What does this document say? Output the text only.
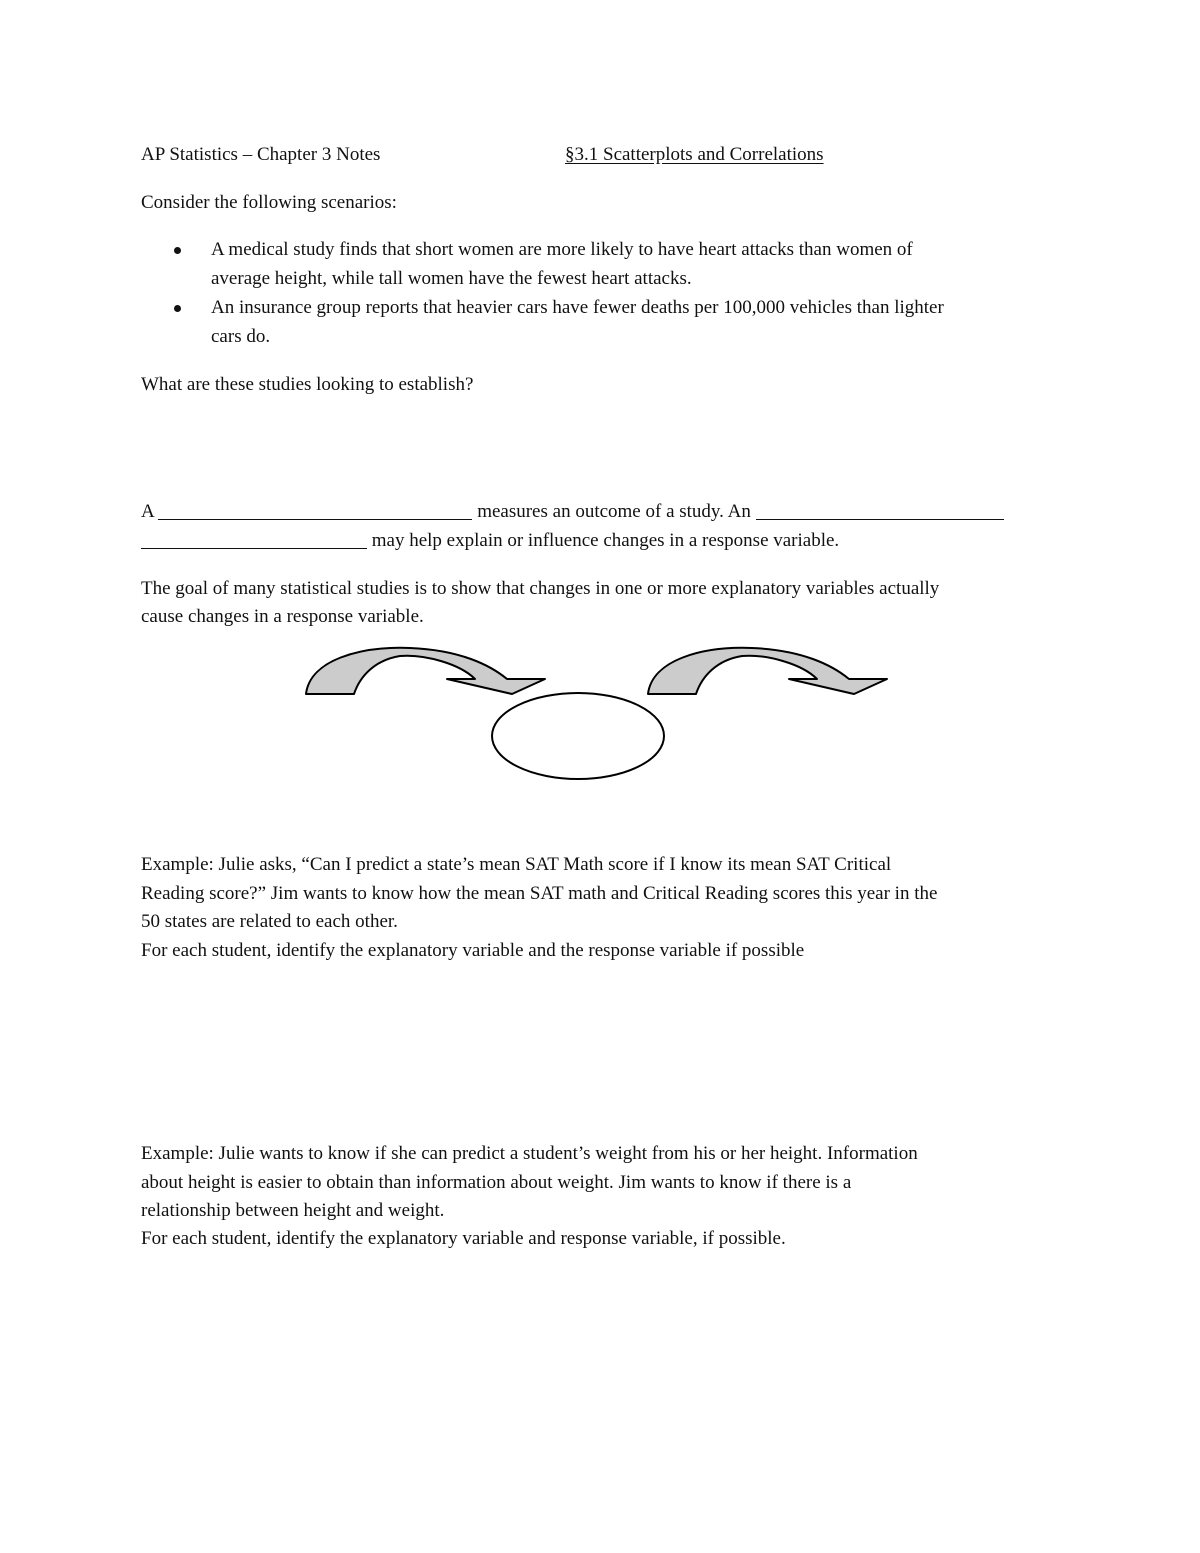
AP Statistics – Chapter 3 Notes	§3.1 Scatterplots and Correlations
Consider the following scenarios:
A medical study finds that short women are more likely to have heart attacks than women of
average height, while tall women have the fewest heart attacks.
An insurance group reports that heavier cars have fewer deaths per 100,000 vehicles than lighter
cars do.
What are these studies looking to establish?
A	measures an outcome of a study. An
may help explain or influence changes in a response variable.
The goal of many statistical studies is to show that changes in one or more explanatory variables actually
cause changes in a response variable.
Example: Julie asks, “Can I predict a state’s mean SAT Math score if I know its mean SAT Critical
Reading score?” Jim wants to know how the mean SAT math and Critical Reading scores this year in the
50 states are related to each other.
For each student, identify the explanatory variable and the response variable if possible
Example: Julie wants to know if she can predict a student’s weight from his or her height. Information
about height is easier to obtain than information about weight. Jim wants to know if there is a
relationship between height and weight.
For each student, identify the explanatory variable and response variable, if possible.
